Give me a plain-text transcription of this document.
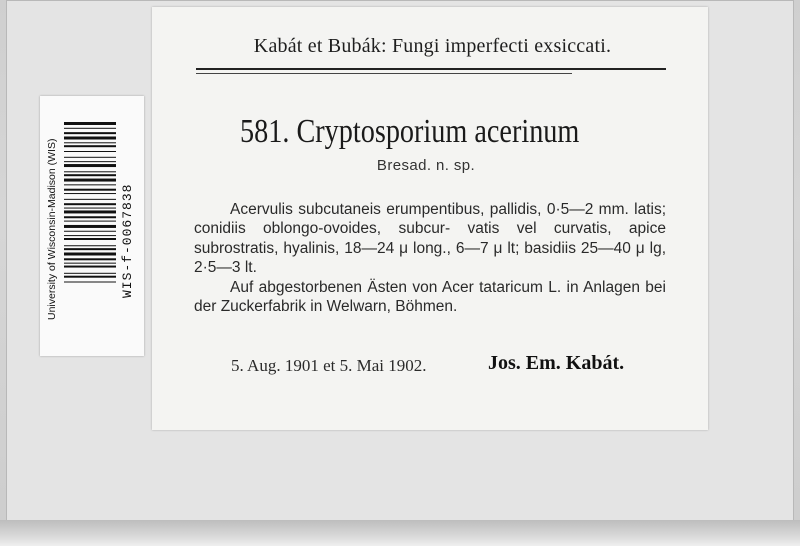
Kabát et Bubák: Fungi imperfecti exsiccati.
581. Cryptosporium acerinum
Bresad. n. sp.

Acervulis subcutaneis erumpentibus, pallidis, 0·5—2 mm. latis; conidiis oblongo-ovoides, subcur- vatis vel curvatis, apice subrostratis, hyalinis, 18—24 μ long., 6—7 μ lt; basidiis 25—40 μ lg, 2·5—3 lt.

Auf abgestorbenen Ästen von Acer tataricum L. in Anlagen bei der Zuckerfabrik in Welwarn, Böhmen.

5. Aug. 1901 et 5. Mai 1902.	Jos. Em. Kabát.
University of Wisconsin-Madison (WIS)	WIS-f-0067838
